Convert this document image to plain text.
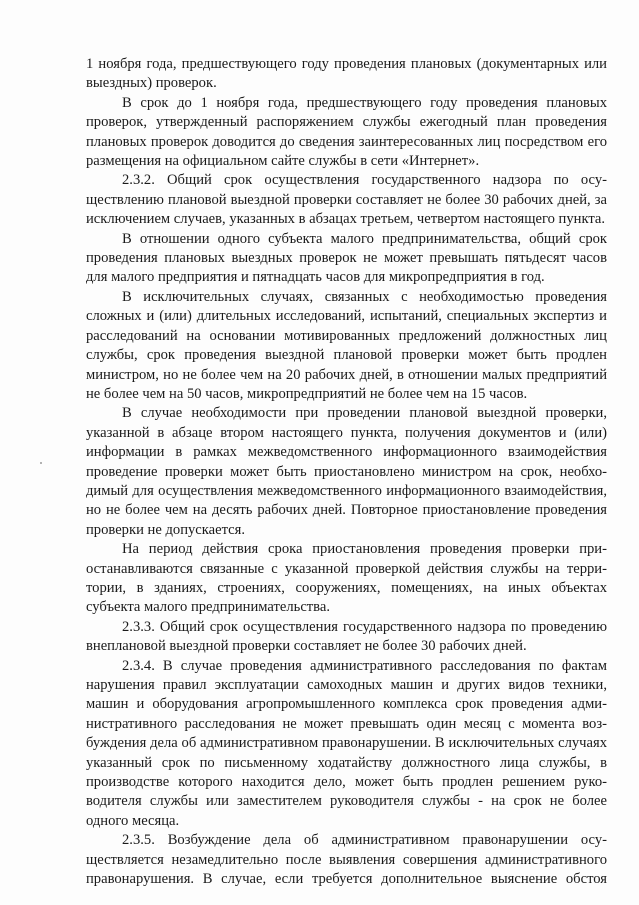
1 ноября года, предшествующего году проведения плановых (документарных или выездных) проверок.

В срок до 1 ноября года, предшествующего году проведения плановых проверок, утвержденный распоряжением службы ежегодный план проведения плановых проверок доводится до сведения заинтересованных лиц посредством его размещения на официальном сайте службы в сети «Интернет».

2.3.2. Общий срок осуществления государственного надзора по осуществлению плановой выездной проверки составляет не более 30 рабочих дней, за исключением случаев, указанных в абзацах третьем, четвертом настоящего пункта.

В отношении одного субъекта малого предпринимательства, общий срок проведения плановых выездных проверок не может превышать пятьдесят часов для малого предприятия и пятнадцать часов для микропредприятия в год.

В исключительных случаях, связанных с необходимостью проведения сложных и (или) длительных исследований, испытаний, специальных экспертиз и расследований на основании мотивированных предложений должностных лиц службы, срок проведения выездной плановой проверки может быть продлен министром, но не более чем на 20 рабочих дней, в отношении малых предприятий не более чем на 50 часов, микропредприятий не более чем на 15 часов.

В случае необходимости при проведении плановой выездной проверки, указанной в абзаце втором настоящего пункта, получения документов и (или) информации в рамках межведомственного информационного взаимодействия проведение проверки может быть приостановлено министром на срок, необходимый для осуществления межведомственного информационного взаимодействия, но не более чем на десять рабочих дней. Повторное приостановление проведения проверки не допускается.

На период действия срока приостановления проведения проверки приостанавливаются связанные с указанной проверкой действия службы на территории, в зданиях, строениях, сооружениях, помещениях, на иных объектах субъекта малого предпринимательства.

2.3.3. Общий срок осуществления государственного надзора по проведению внеплановой выездной проверки составляет не более 30 рабочих дней.

2.3.4. В случае проведения административного расследования по фактам нарушения правил эксплуатации самоходных машин и других видов техники, машин и оборудования агропромышленного комплекса срок проведения административного расследования не может превышать один месяц с момента возбуждения дела об административном правонарушении. В исключительных случаях указанный срок по письменному ходатайству должностного лица службы, в производстве которого находится дело, может быть продлен решением руководителя службы или заместителем руководителя службы - на срок не более одного месяца.

2.3.5. Возбуждение дела об административном правонарушении осуществляется незамедлительно после выявления совершения административного правонарушения. В случае, если требуется дополнительное выяснение обстоя
